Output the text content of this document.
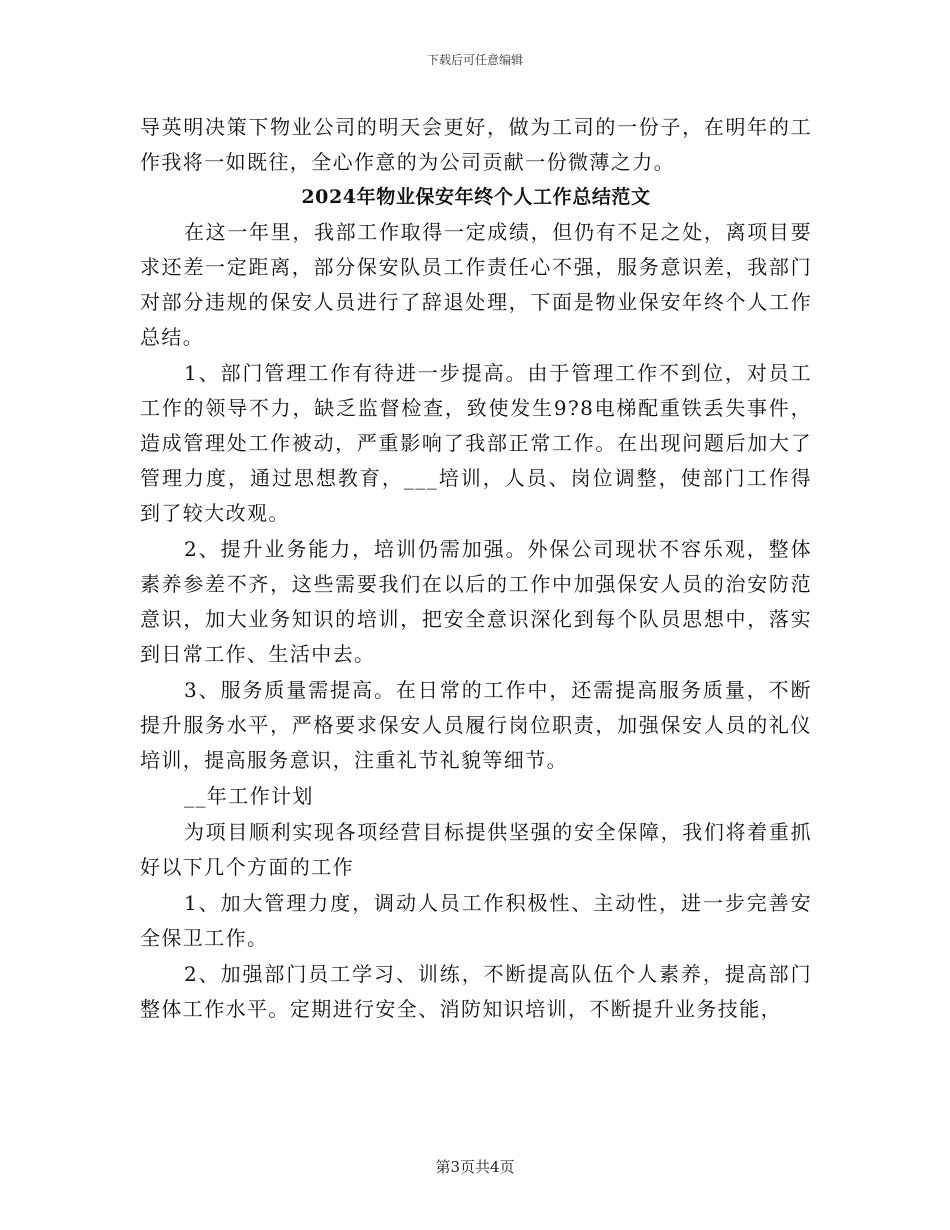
下载后可任意编辑

导英明决策下物业公司的明天会更好，做为工司的一份子，在明年的工作我将一如既往，全心作意的为公司贡献一份微薄之力。

2024年物业保安年终个人工作总结范文

在这一年里，我部工作取得一定成绩，但仍有不足之处，离项目要求还差一定距离，部分保安队员工作责任心不强，服务意识差，我部门对部分违规的保安人员进行了辞退处理，下面是物业保安年终个人工作总结。

1、部门管理工作有待进一步提高。由于管理工作不到位，对员工工作的领导不力，缺乏监督检查，致使发生9?8电梯配重铁丢失事件，造成管理处工作被动，严重影响了我部正常工作。在出现问题后加大了管理力度，通过思想教育，___培训，人员、岗位调整，使部门工作得到了较大改观。

2、提升业务能力，培训仍需加强。外保公司现状不容乐观，整体素养参差不齐，这些需要我们在以后的工作中加强保安人员的治安防范意识，加大业务知识的培训，把安全意识深化到每个队员思想中，落实到日常工作、生活中去。

3、服务质量需提高。在日常的工作中，还需提高服务质量，不断提升服务水平，严格要求保安人员履行岗位职责，加强保安人员的礼仪培训，提高服务意识，注重礼节礼貌等细节。

__年工作计划

为项目顺利实现各项经营目标提供坚强的安全保障，我们将着重抓好以下几个方面的工作

1、加大管理力度，调动人员工作积极性、主动性，进一步完善安全保卫工作。

2、加强部门员工学习、训练，不断提高队伍个人素养，提高部门整体工作水平。定期进行安全、消防知识培训，不断提升业务技能，

第3页共4页
